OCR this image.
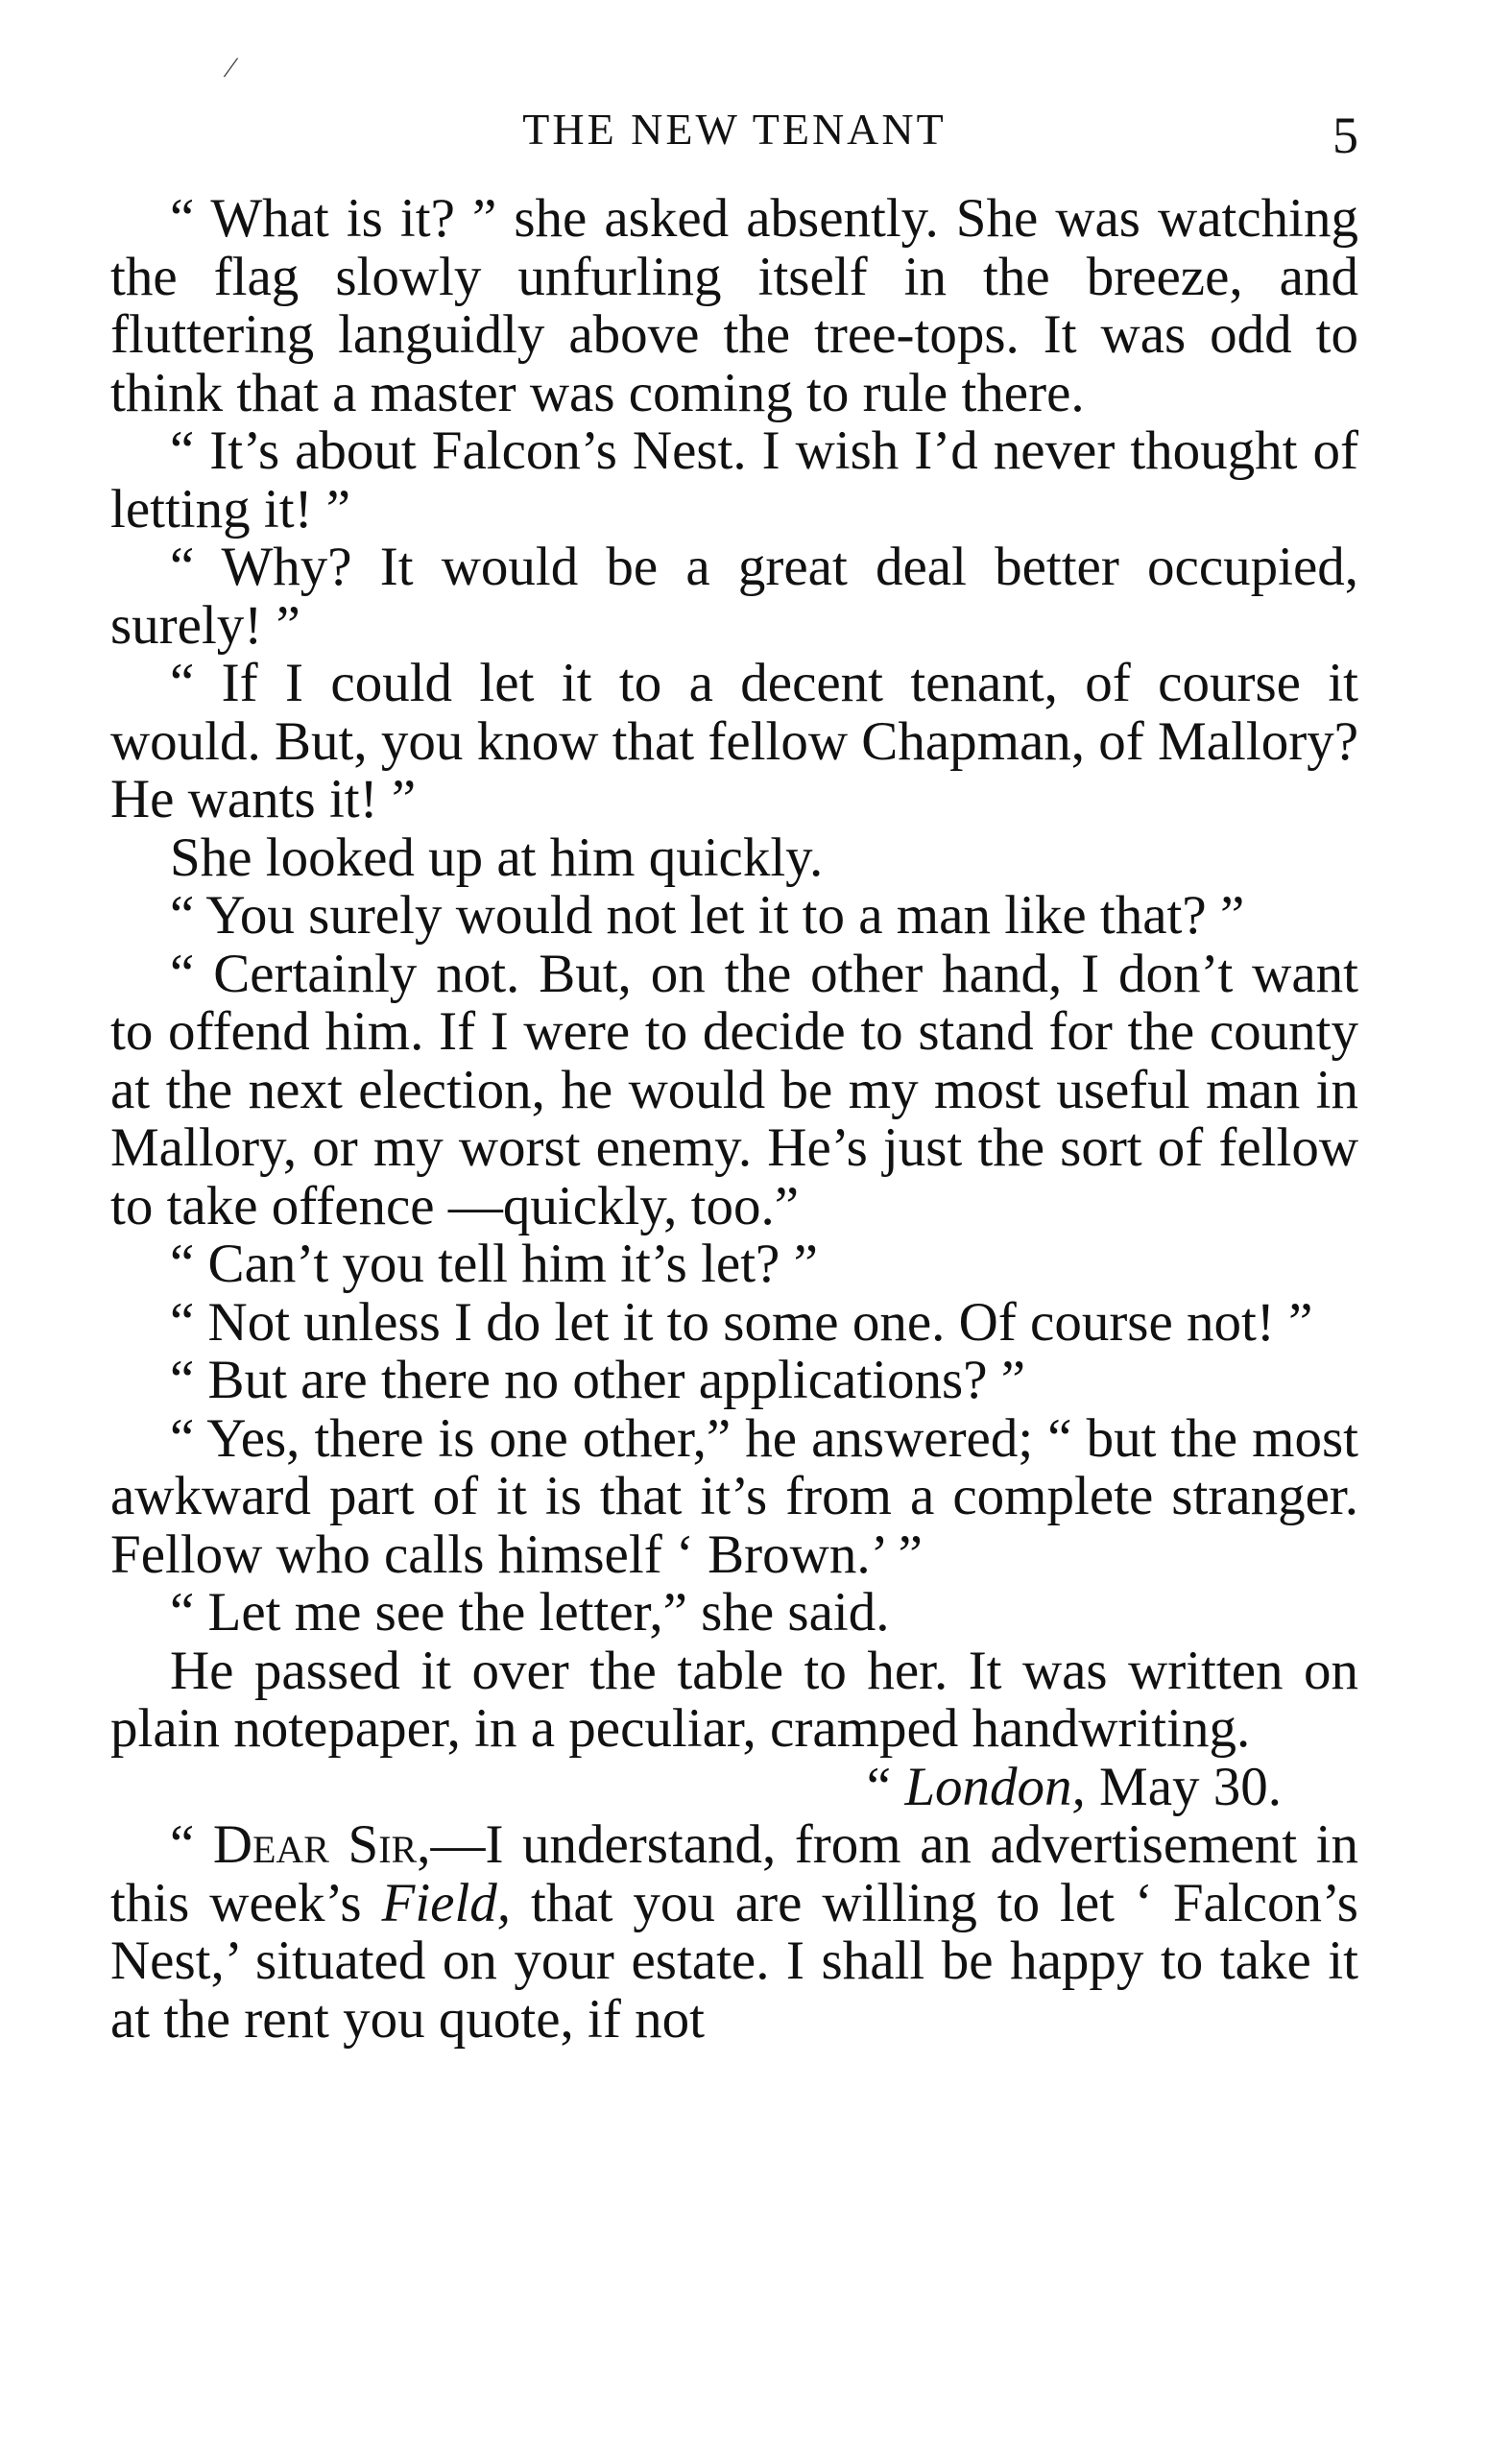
⁄
THE NEW TENANT	5

“ What is it? ” she asked absently. She was watching the flag slowly unfurling itself in the breeze, and fluttering languidly above the tree-tops. It was odd to think that a master was coming to rule there.

“ It’s about Falcon’s Nest. I wish I’d never thought of letting it! ”

“ Why? It would be a great deal better occupied, surely! ”

“ If I could let it to a decent tenant, of course it would. But, you know that fellow Chapman, of Mallory? He wants it! ”

She looked up at him quickly.

“ You surely would not let it to a man like that? ”

“ Certainly not. But, on the other hand, I don’t want to offend him. If I were to decide to stand for the county at the next election, he would be my most useful man in Mallory, or my worst enemy. He’s just the sort of fellow to take offence —quickly, too.”

“ Can’t you tell him it’s let? ”

“ Not unless I do let it to some one. Of course not! ”

“ But are there no other applications? ”

“ Yes, there is one other,” he answered; “ but the most awkward part of it is that it’s from a complete stranger. Fellow who calls himself ‘ Brown.’ ”

“ Let me see the letter,” she said.

He passed it over the table to her. It was written on plain notepaper, in a peculiar, cramped handwriting.

“ London, May 30.

“ Dear Sir,—I understand, from an advertisement in this week’s Field, that you are willing to let ‘ Falcon’s Nest,’ situated on your estate. I shall be happy to take it at the rent you quote, if not
